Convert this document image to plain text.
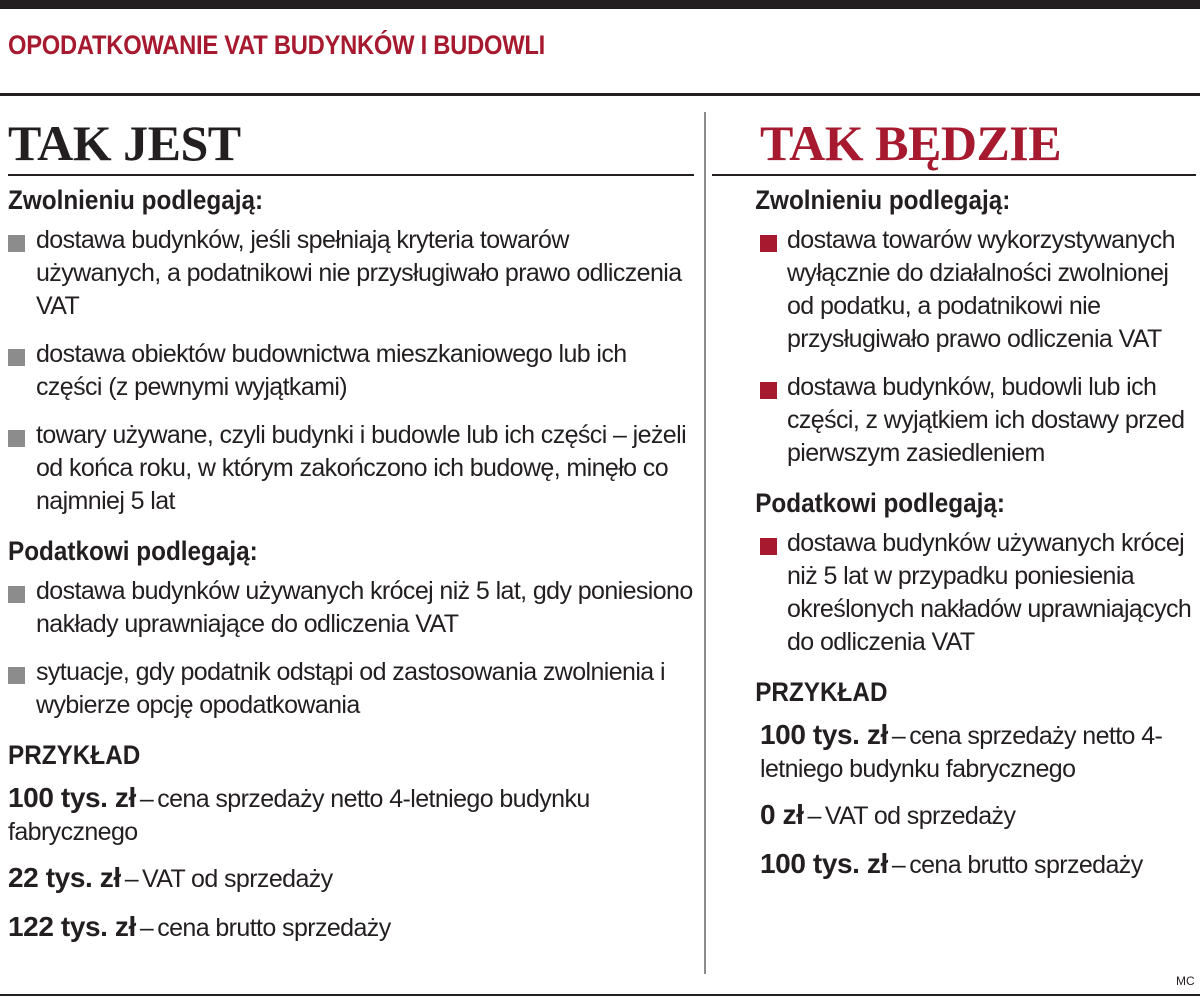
OPODATKOWANIE VAT BUDYNKÓW I BUDOWLI
TAK JEST
Zwolnieniu podlegają:
dostawa budynków, jeśli spełniają kryteria towarów używanych, a podatnikowi nie przysługiwało prawo odliczenia VAT
dostawa obiektów budownictwa mieszkaniowego lub ich części (z pewnymi wyjątkami)
towary używane, czyli budynki i budowle lub ich części – jeżeli od końca roku, w którym zakończono ich budowę, minęło co najmniej 5 lat
Podatkowi podlegają:
dostawa budynków używanych krócej niż 5 lat, gdy poniesiono nakłady uprawniające do odliczenia VAT
sytuacje, gdy podatnik odstąpi od zastosowania zwolnienia i wybierze opcję opodatkowania
PRZYKŁAD

100 tys. zł – cena sprzedaży netto 4-letniego budynku fabrycznego

22 tys. zł – VAT od sprzedaży

122 tys. zł – cena brutto sprzedaży

TAK BĘDZIE
Zwolnieniu podlegają:
dostawa towarów wykorzystywanych wyłącznie do działalności zwolnionej od podatku, a podatnikowi nie przysługiwało prawo odliczenia VAT
dostawa budynków, budowli lub ich części, z wyjątkiem ich dostawy przed pierwszym zasiedleniem
Podatkowi podlegają:
dostawa budynków używanych krócej niż 5 lat w przypadku poniesienia określonych nakładów uprawniających do odliczenia VAT
PRZYKŁAD

100 tys. zł – cena sprzedaży netto 4-letniego budynku fabrycznego

0 zł – VAT od sprzedaży

100 tys. zł – cena brutto sprzedaży

MC
